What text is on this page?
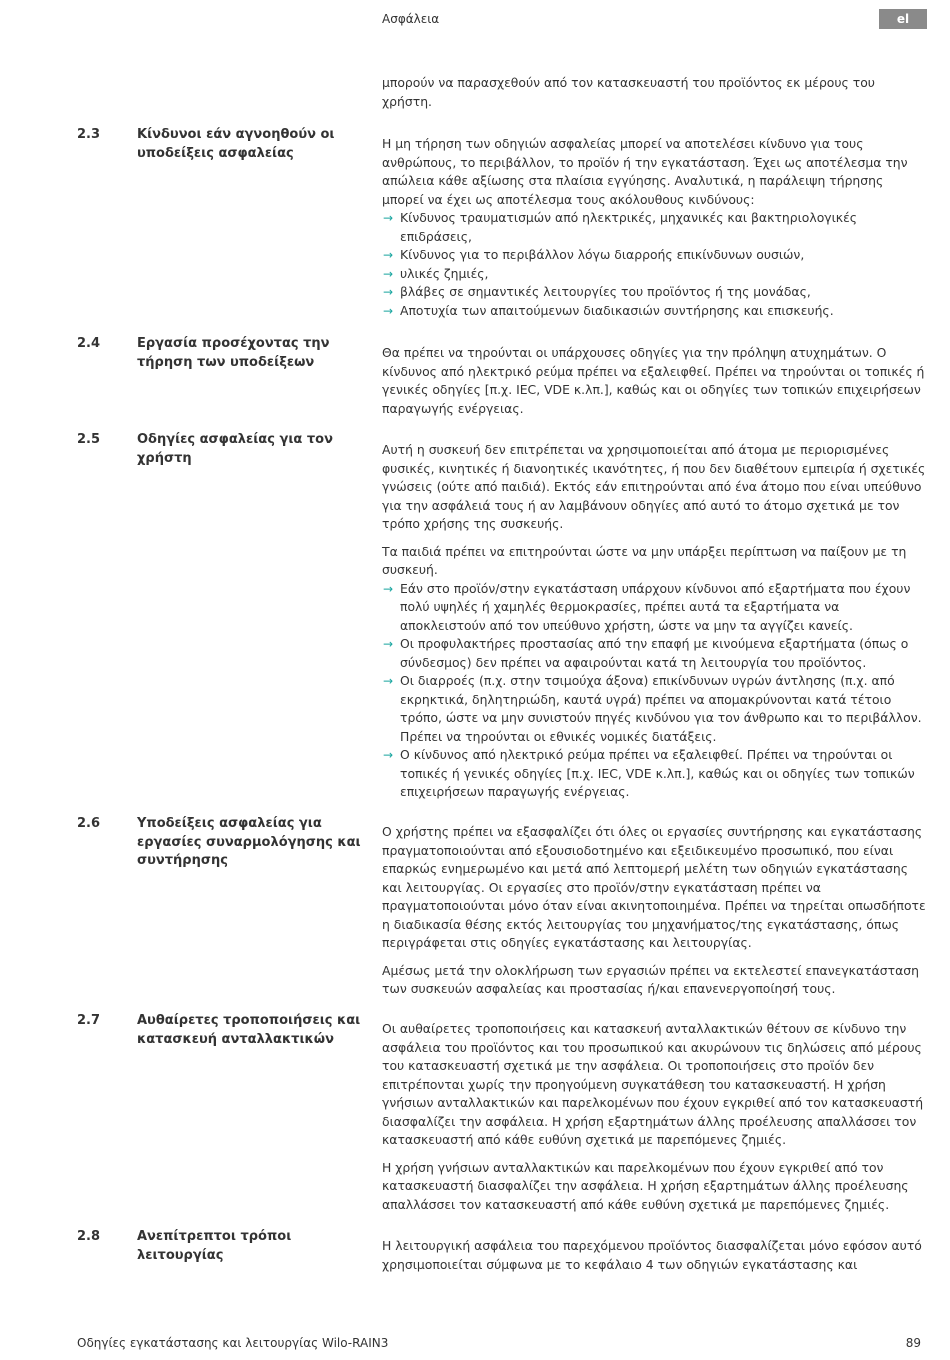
Ασφάλεια	el

μπορούν να παρασχεθούν από τον κατασκευαστή του προϊόντος εκ μέρους του χρήστη.

2.3	Κίνδυνοι εάν αγνοηθούν οι υποδείξεις ασφαλείας

Η μη τήρηση των οδηγιών ασφαλείας μπορεί να αποτελέσει κίνδυνο για τους ανθρώπους, το περιβάλλον, το προϊόν ή την εγκατάσταση. Έχει ως αποτέλεσμα την απώλεια κάθε αξίωσης στα πλαίσια εγγύησης. Αναλυτικά, η παράλειψη τήρησης μπορεί να έχει ως αποτέλεσμα τους ακόλουθους κινδύνους:

→ Κίνδυνος τραυματισμών από ηλεκτρικές, μηχανικές και βακτηριολογικές επιδράσεις,
→ Κίνδυνος για το περιβάλλον λόγω διαρροής επικίνδυνων ουσιών,
→ υλικές ζημιές,
→ βλάβες σε σημαντικές λειτουργίες του προϊόντος ή της μονάδας,
→ Αποτυχία των απαιτούμενων διαδικασιών συντήρησης και επισκευής.
2.4	Εργασία προσέχοντας την τήρηση των υποδείξεων

Θα πρέπει να τηρούνται οι υπάρχουσες οδηγίες για την πρόληψη ατυχημάτων. Ο κίνδυνος από ηλεκτρικό ρεύμα πρέπει να εξαλειφθεί. Πρέπει να τηρούνται οι τοπικές ή γενικές οδηγίες [π.χ. IEC, VDE κ.λπ.], καθώς και οι οδηγίες των τοπικών επιχειρήσεων παραγωγής ενέργειας.

2.5	Οδηγίες ασφαλείας για τον χρήστη

Αυτή η συσκευή δεν επιτρέπεται να χρησιμοποιείται από άτομα με περιορισμένες φυσικές, κινητικές ή διανοητικές ικανότητες, ή που δεν διαθέτουν εμπειρία ή σχετικές γνώσεις (ούτε από παιδιά). Εκτός εάν επιτηρούνται από ένα άτομο που είναι υπεύθυνο για την ασφάλειά τους ή αν λαμβάνουν οδηγίες από αυτό το άτομο σχετικά με τον τρόπο χρήσης της συσκευής.

Τα παιδιά πρέπει να επιτηρούνται ώστε να μην υπάρξει περίπτωση να παίξουν με τη συσκευή.

→ Εάν στο προϊόν/στην εγκατάσταση υπάρχουν κίνδυνοι από εξαρτήματα που έχουν πολύ υψηλές ή χαμηλές θερμοκρασίες, πρέπει αυτά τα εξαρτήματα να αποκλειστούν από τον υπεύθυνο χρήστη, ώστε να μην τα αγγίζει κανείς.
→ Οι προφυλακτήρες προστασίας από την επαφή με κινούμενα εξαρτήματα (όπως ο σύνδεσμος) δεν πρέπει να αφαιρούνται κατά τη λειτουργία του προϊόντος.
→ Οι διαρροές (π.χ. στην τσιμούχα άξονα) επικίνδυνων υγρών άντλησης (π.χ. από εκρηκτικά, δηλητηριώδη, καυτά υγρά) πρέπει να απομακρύνονται κατά τέτοιο τρόπο, ώστε να μην συνιστούν πηγές κινδύνου για τον άνθρωπο και το περιβάλλον. Πρέπει να τηρούνται οι εθνικές νομικές διατάξεις.
→ Ο κίνδυνος από ηλεκτρικό ρεύμα πρέπει να εξαλειφθεί. Πρέπει να τηρούνται οι τοπικές ή γενικές οδηγίες [π.χ. IEC, VDE κ.λπ.], καθώς και οι οδηγίες των τοπικών επιχειρήσεων παραγωγής ενέργειας.
2.6	Υποδείξεις ασφαλείας για εργασίες συναρμολόγησης και συντήρησης

Ο χρήστης πρέπει να εξασφαλίζει ότι όλες οι εργασίες συντήρησης και εγκατάστασης πραγματοποιούνται από εξουσιοδοτημένο και εξειδικευμένο προσωπικό, που είναι επαρκώς ενημερωμένο και μετά από λεπτομερή μελέτη των οδηγιών εγκατάστασης και λειτουργίας. Οι εργασίες στο προϊόν/στην εγκατάσταση πρέπει να πραγματοποιούνται μόνο όταν είναι ακινητοποιημένα. Πρέπει να τηρείται οπωσδήποτε η διαδικασία θέσης εκτός λειτουργίας του μηχανήματος/της εγκατάστασης, όπως περιγράφεται στις οδηγίες εγκατάστασης και λειτουργίας.

Αμέσως μετά την ολοκλήρωση των εργασιών πρέπει να εκτελεστεί επανεγκατάσταση των συσκευών ασφαλείας και προστασίας ή/και επανενεργοποίησή τους.

2.7	Αυθαίρετες τροποποιήσεις και κατασκευή ανταλλακτικών

Οι αυθαίρετες τροποποιήσεις και κατασκευή ανταλλακτικών θέτουν σε κίνδυνο την ασφάλεια του προϊόντος και του προσωπικού και ακυρώνουν τις δηλώσεις από μέρους του κατασκευαστή σχετικά με την ασφάλεια. Οι τροποποιήσεις στο προϊόν δεν επιτρέπονται χωρίς την προηγούμενη συγκατάθεση του κατασκευαστή. Η χρήση γνήσιων ανταλλακτικών και παρελκομένων που έχουν εγκριθεί από τον κατασκευαστή διασφαλίζει την ασφάλεια. Η χρήση εξαρτημάτων άλλης προέλευσης απαλλάσσει τον κατασκευαστή από κάθε ευθύνη σχετικά με παρεπόμενες ζημιές.

Η χρήση γνήσιων ανταλλακτικών και παρελκομένων που έχουν εγκριθεί από τον κατασκευαστή διασφαλίζει την ασφάλεια. Η χρήση εξαρτημάτων άλλης προέλευσης απαλλάσσει τον κατασκευαστή από κάθε ευθύνη σχετικά με παρεπόμενες ζημιές.

2.8	Ανεπίτρεπτοι τρόποι λειτουργίας

Η λειτουργική ασφάλεια του παρεχόμενου προϊόντος διασφαλίζεται μόνο εφόσον αυτό χρησιμοποιείται σύμφωνα με το κεφάλαιο 4 των οδηγιών εγκατάστασης και

Οδηγίες εγκατάστασης και λειτουργίας Wilo-RAIN3	89
